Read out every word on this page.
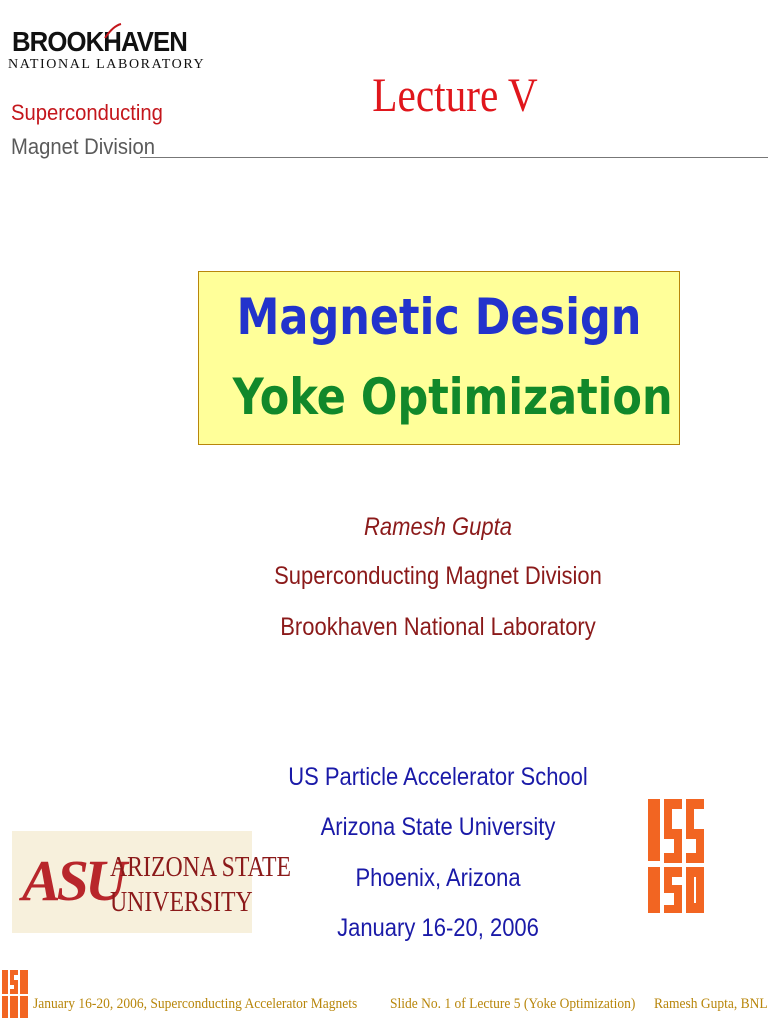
BROOKHAVEN
NATIONAL LABORATORY
Superconducting
Magnet Division
Lecture V
Magnetic Design
Yoke Optimization
Ramesh Gupta
Superconducting Magnet Division
Brookhaven National Laboratory
US Particle Accelerator School
Arizona State University
Phoenix, Arizona
January 16-20, 2006
ASU
ARIZONA STATE
UNIVERSITY
January 16-20, 2006, Superconducting Accelerator Magnets Slide No. 1 of Lecture 5 (Yoke Optimization) Ramesh Gupta, BNL
